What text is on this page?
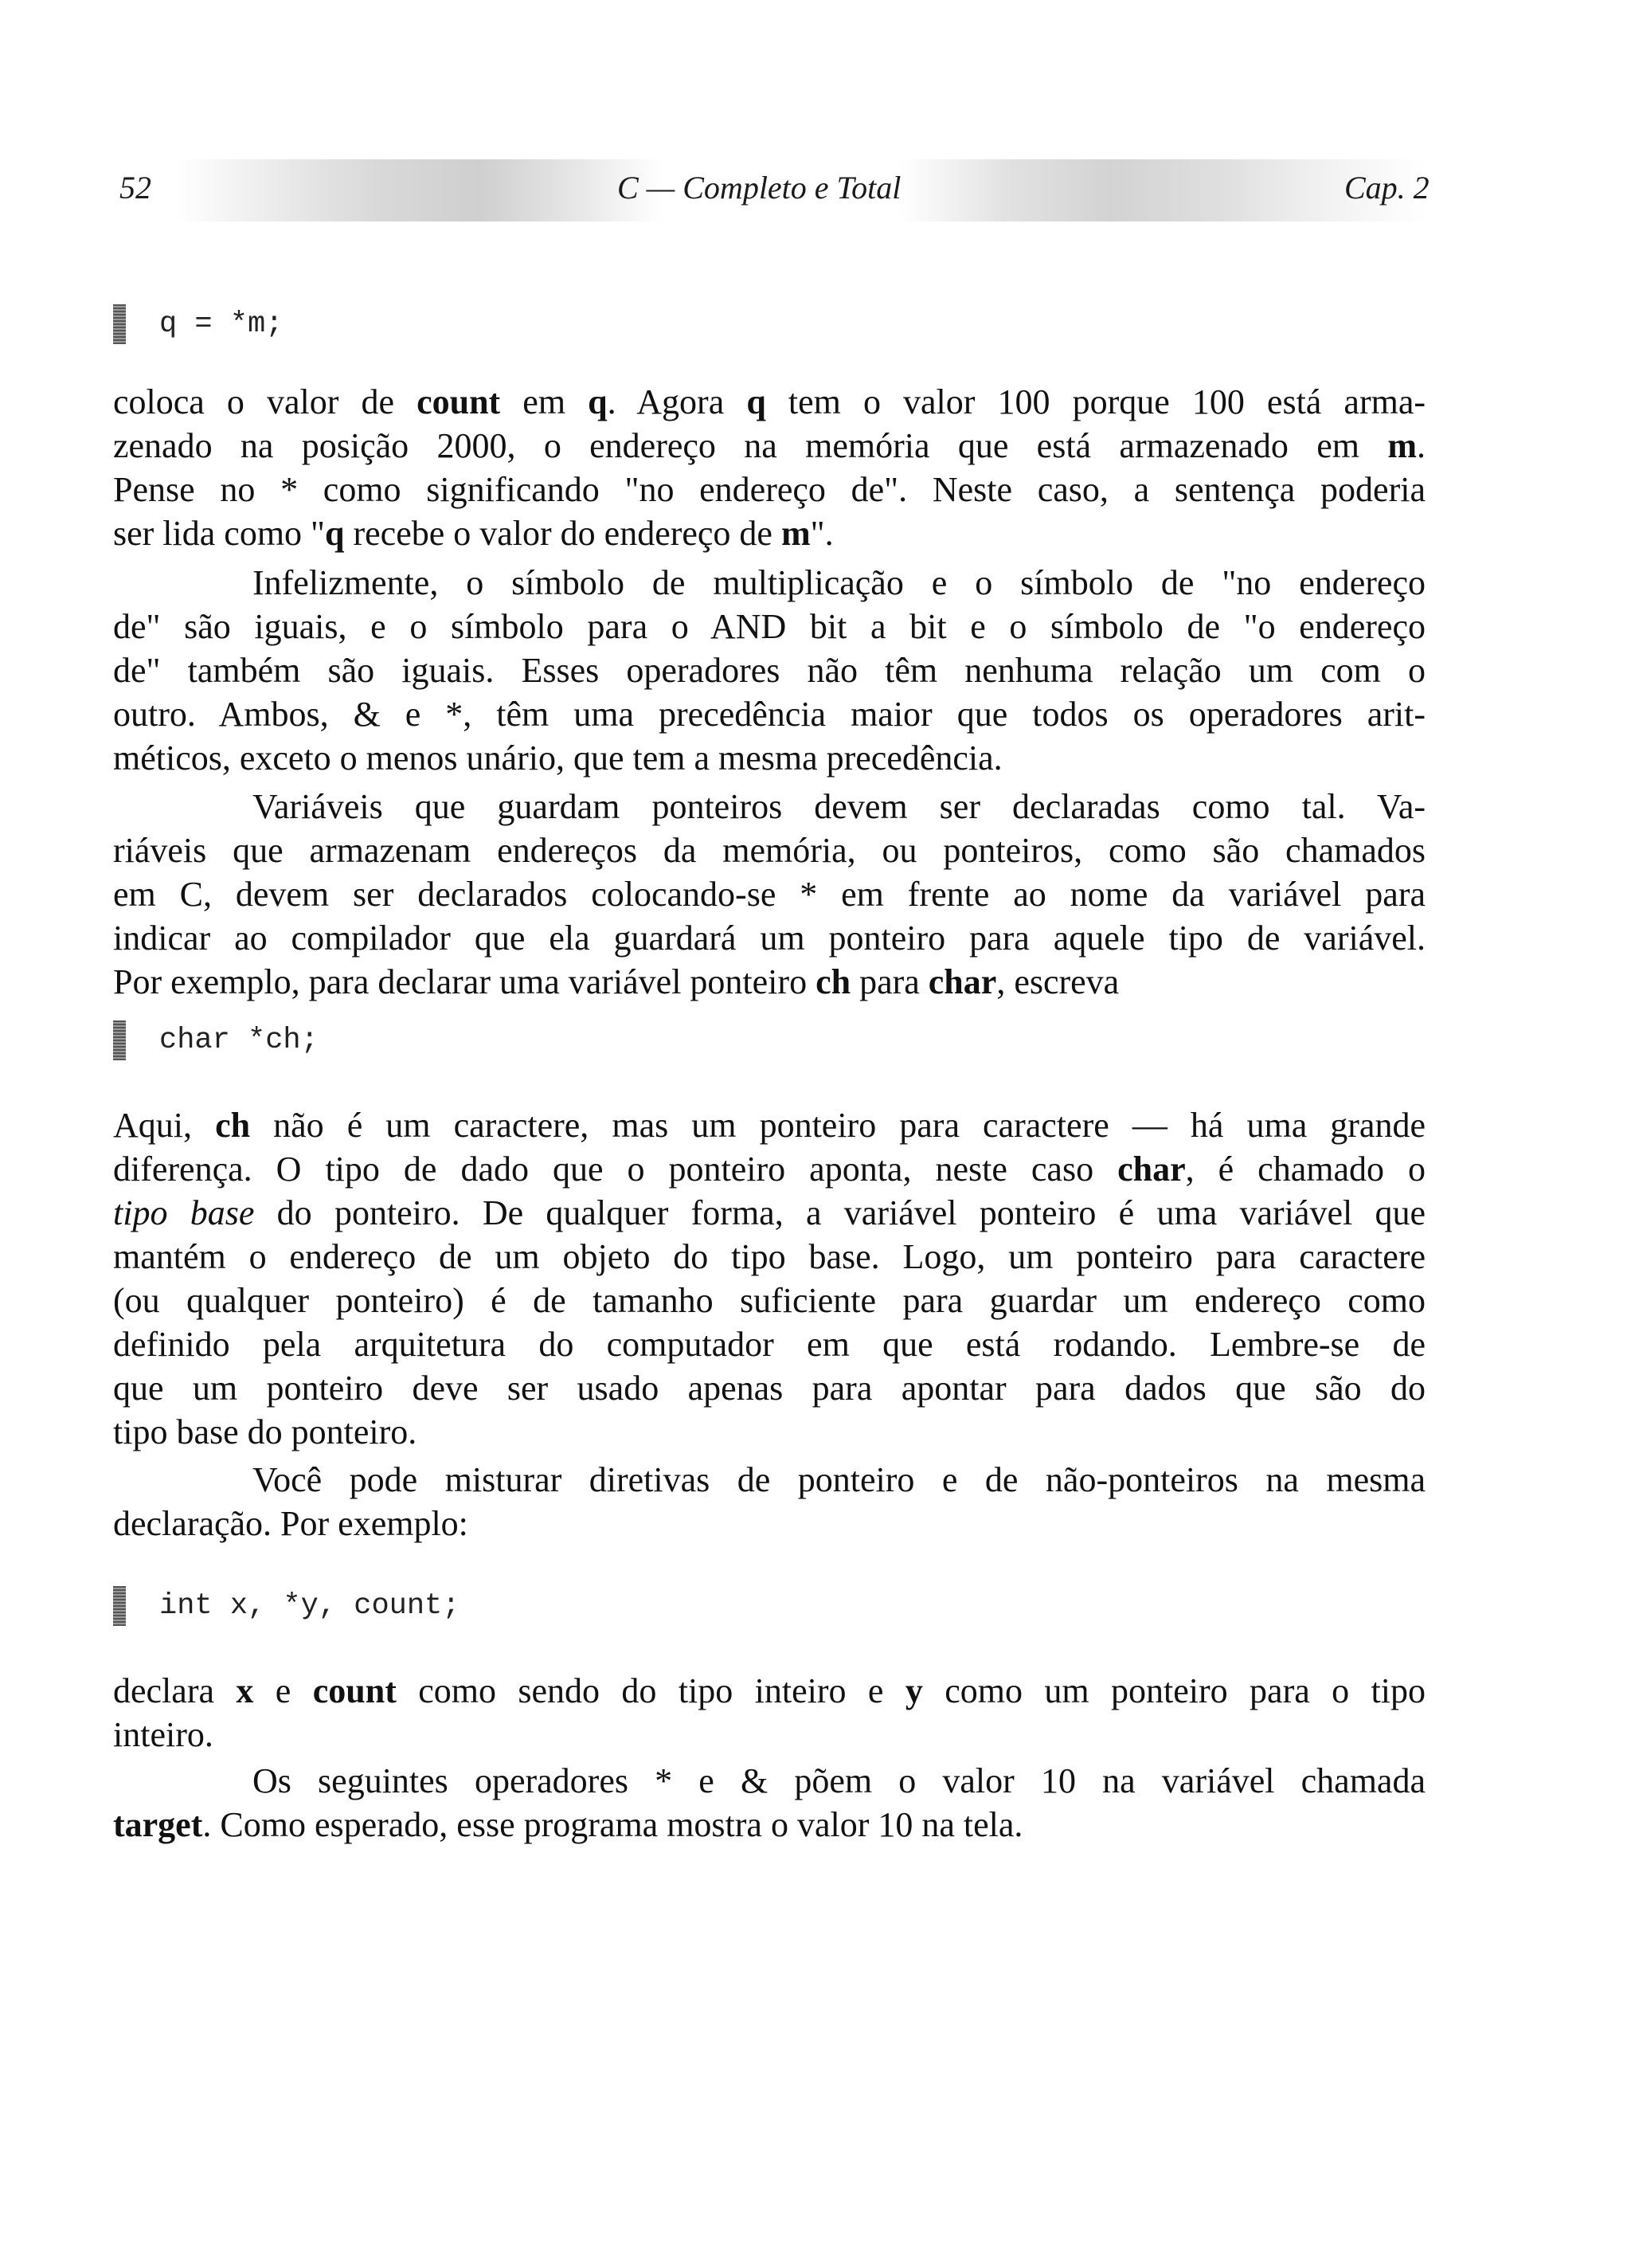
52	C — Completo e Total	Cap. 2
q = *m;
coloca o valor de count em q. Agora q tem o valor 100 porque 100 está arma-
zenado na posição 2000, o endereço na memória que está armazenado em m.
Pense no * como significando "no endereço de". Neste caso, a sentença poderia
ser lida como "q recebe o valor do endereço de m".
Infelizmente, o símbolo de multiplicação e o símbolo de "no endereço
de" são iguais, e o símbolo para o AND bit a bit e o símbolo de "o endereço
de" também são iguais. Esses operadores não têm nenhuma relação um com o
outro. Ambos, & e *, têm uma precedência maior que todos os operadores arit-
méticos, exceto o menos unário, que tem a mesma precedência.
Variáveis que guardam ponteiros devem ser declaradas como tal. Va-
riáveis que armazenam endereços da memória, ou ponteiros, como são chamados
em C, devem ser declarados colocando-se * em frente ao nome da variável para
indicar ao compilador que ela guardará um ponteiro para aquele tipo de variável.
Por exemplo, para declarar uma variável ponteiro ch para char, escreva
char *ch;
Aqui, ch não é um caractere, mas um ponteiro para caractere — há uma grande
diferença. O tipo de dado que o ponteiro aponta, neste caso char, é chamado o
tipo base do ponteiro. De qualquer forma, a variável ponteiro é uma variável que
mantém o endereço de um objeto do tipo base. Logo, um ponteiro para caractere
(ou qualquer ponteiro) é de tamanho suficiente para guardar um endereço como
definido pela arquitetura do computador em que está rodando. Lembre-se de
que um ponteiro deve ser usado apenas para apontar para dados que são do
tipo base do ponteiro.
Você pode misturar diretivas de ponteiro e de não-ponteiros na mesma
declaração. Por exemplo:
int x, *y, count;
declara x e count como sendo do tipo inteiro e y como um ponteiro para o tipo
inteiro.
Os seguintes operadores * e & põem o valor 10 na variável chamada
target. Como esperado, esse programa mostra o valor 10 na tela.
